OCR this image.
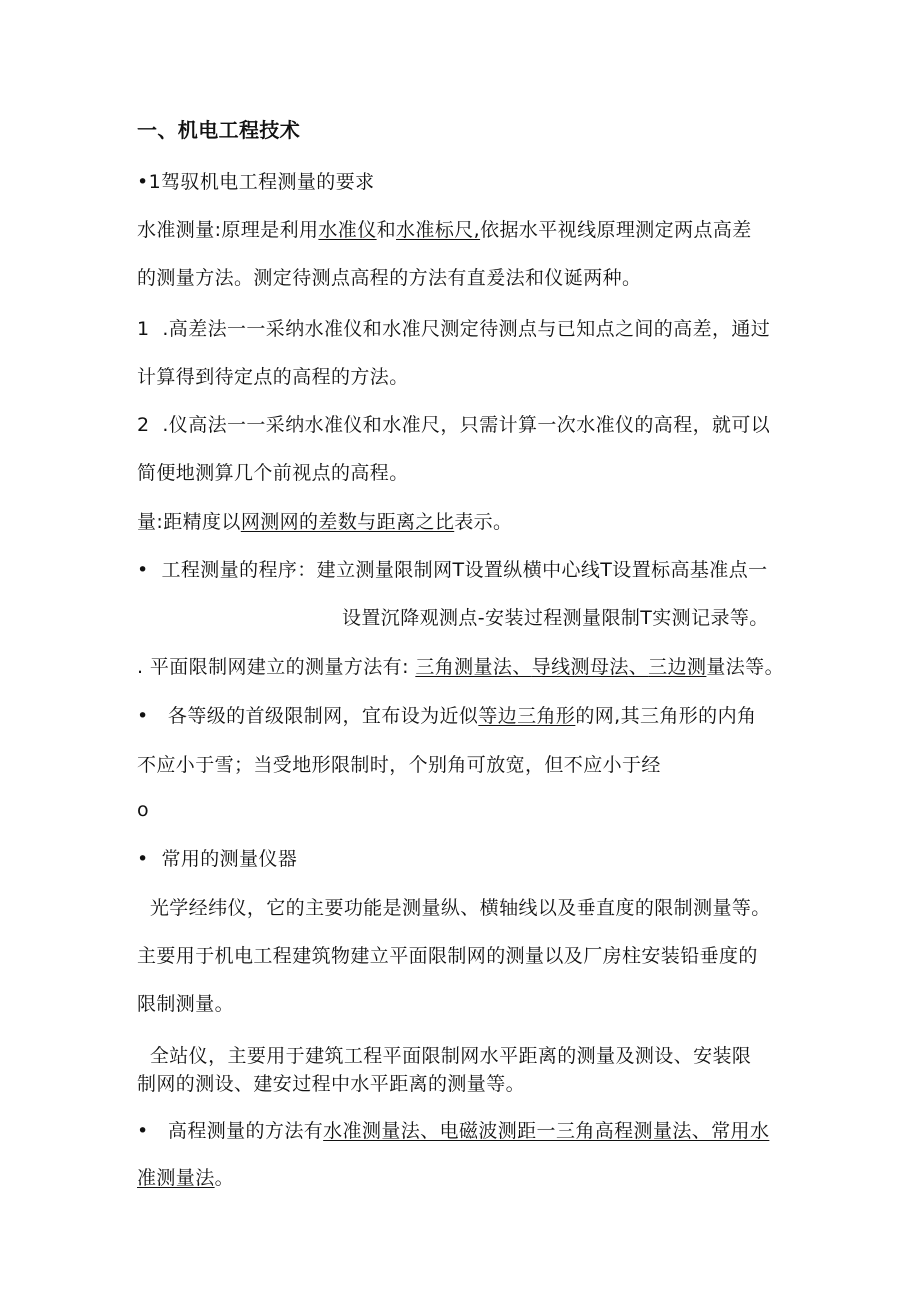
一、机电工程技术
•1驾驭机电工程测量的要求
水准测量:原理是利用水准仪和水准标尺,依据水平视线原理测定两点高差
的测量方法。测定待测点高程的方法有直爰法和仪诞两种。
1  .高差法一一采纳水准仪和水准尺测定待测点与已知点之间的高差，通过
计算得到待定点的高程的方法。
2  .仪高法一一采纳水准仪和水准尺，只需计算一次水准仪的高程，就可以
简便地测算几个前视点的高程。
量:距精度以网测网的差数与距离之比表示。
•  工程测量的程序：建立测量限制网T设置纵横中心线T设置标高基准点一
设置沉降观测点-安装过程测量限制T实测记录等。
. 平面限制网建立的测量方法有: 三角测量法、导线测母法、三边测量法等。
•   各等级的首级限制网，宜布设为近似等边三角形的网,其三角形的内角
不应小于雪；当受地形限制时，个别角可放宽，但不应小于经
o
•  常用的测量仪器
光学经纬仪，它的主要功能是测量纵、横轴线以及垂直度的限制测量等。
主要用于机电工程建筑物建立平面限制网的测量以及厂房柱安装铅垂度的
限制测量。
全站仪，主要用于建筑工程平面限制网水平距离的测量及测设、安装限
制网的测设、建安过程中水平距离的测量等。
•   高程测量的方法有水准测量法、电磁波测距一三角高程测量法、常用水
准测量法。
